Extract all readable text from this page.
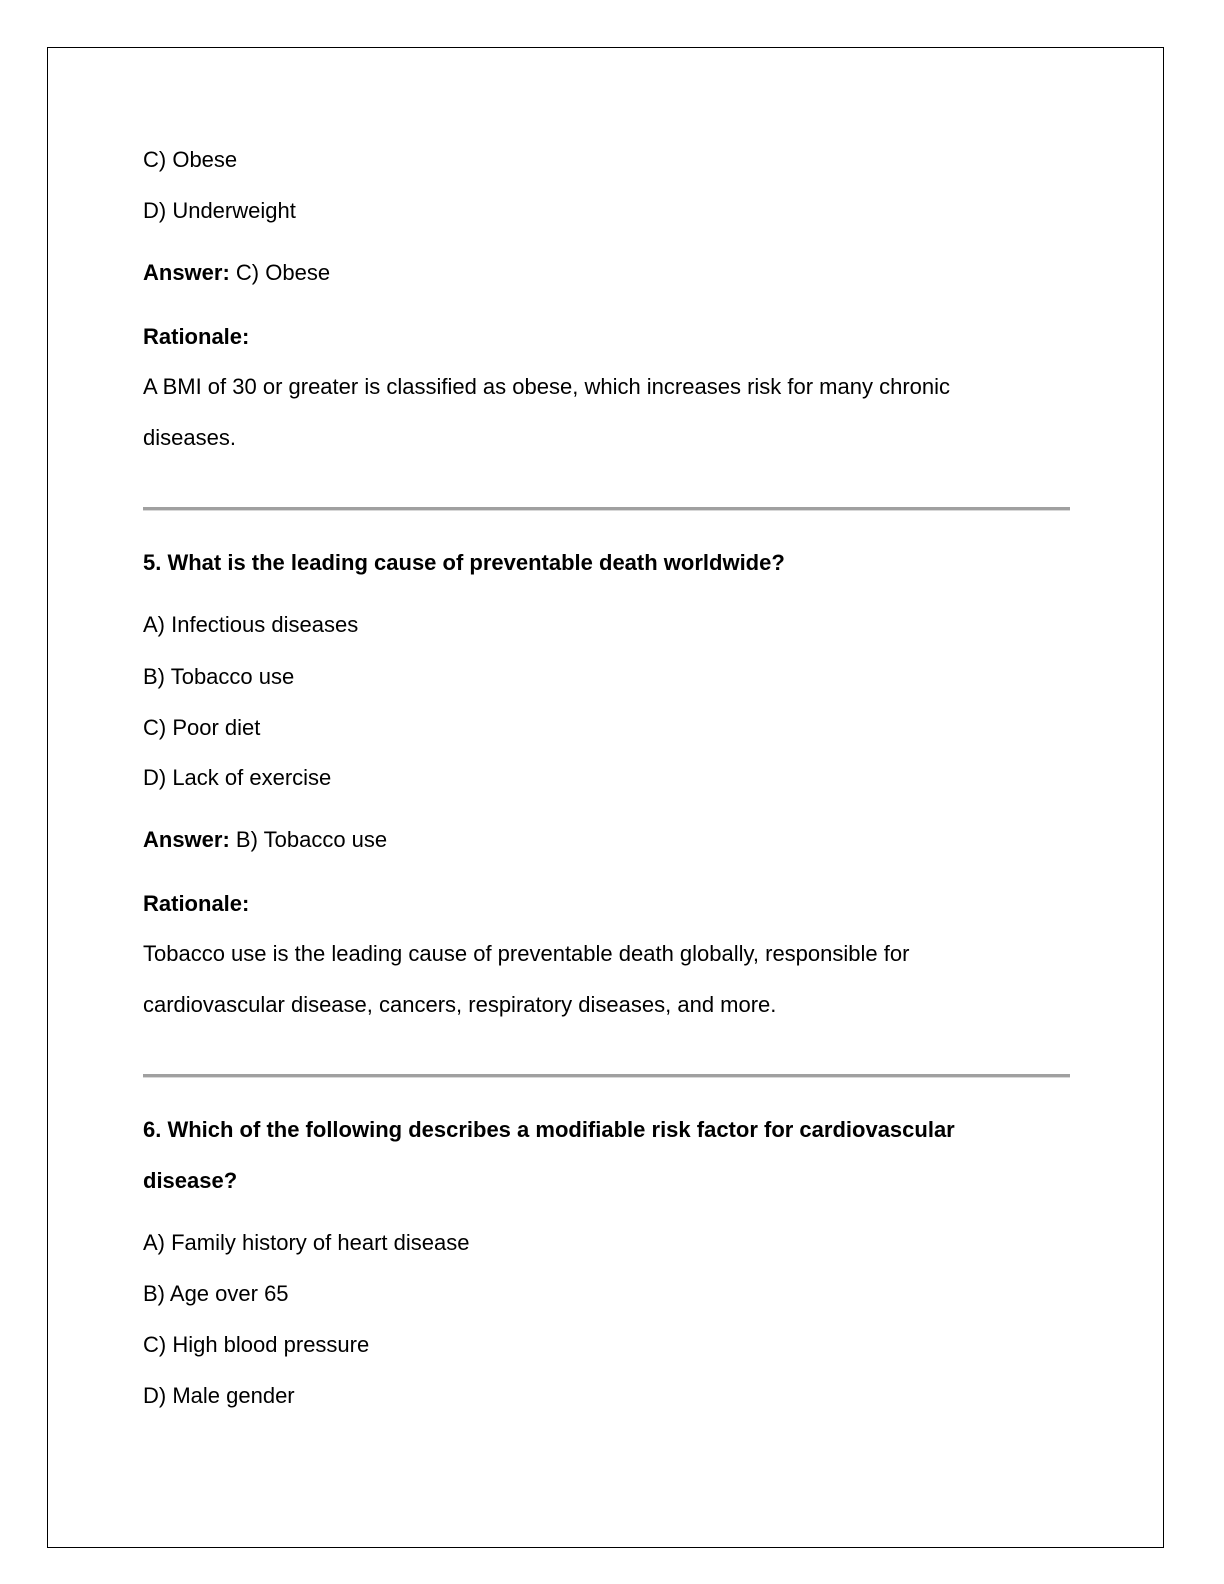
C) Obese
D) Underweight
Answer: C) Obese
Rationale:
A BMI of 30 or greater is classified as obese, which increases risk for many chronic
diseases.
5. What is the leading cause of preventable death worldwide?
A) Infectious diseases
B) Tobacco use
C) Poor diet
D) Lack of exercise
Answer: B) Tobacco use
Rationale:
Tobacco use is the leading cause of preventable death globally, responsible for
cardiovascular disease, cancers, respiratory diseases, and more.
6. Which of the following describes a modifiable risk factor for cardiovascular
disease?
A) Family history of heart disease
B) Age over 65
C) High blood pressure
D) Male gender
